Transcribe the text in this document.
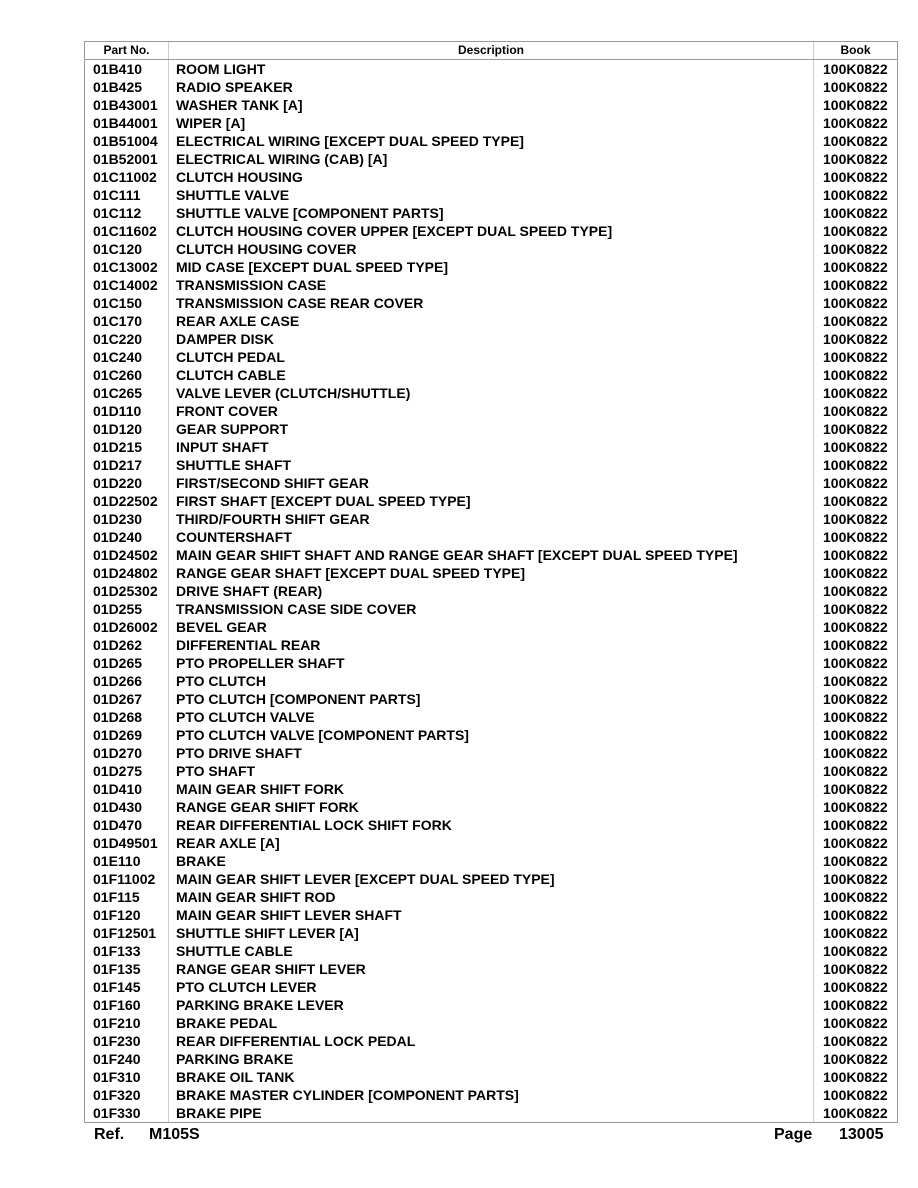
Part No.	Description	Book
01B410	ROOM LIGHT	100K0822
01B425	RADIO SPEAKER	100K0822
01B43001	WASHER TANK [A]	100K0822
01B44001	WIPER [A]	100K0822
01B51004	ELECTRICAL WIRING [EXCEPT DUAL SPEED TYPE]	100K0822
01B52001	ELECTRICAL WIRING (CAB) [A]	100K0822
01C11002	CLUTCH HOUSING	100K0822
01C111	SHUTTLE VALVE	100K0822
01C112	SHUTTLE VALVE [COMPONENT PARTS]	100K0822
01C11602	CLUTCH HOUSING COVER UPPER [EXCEPT DUAL SPEED TYPE]	100K0822
01C120	CLUTCH HOUSING COVER	100K0822
01C13002	MID CASE [EXCEPT DUAL SPEED TYPE]	100K0822
01C14002	TRANSMISSION CASE	100K0822
01C150	TRANSMISSION CASE REAR COVER	100K0822
01C170	REAR AXLE CASE	100K0822
01C220	DAMPER DISK	100K0822
01C240	CLUTCH PEDAL	100K0822
01C260	CLUTCH CABLE	100K0822
01C265	VALVE LEVER (CLUTCH/SHUTTLE)	100K0822
01D110	FRONT COVER	100K0822
01D120	GEAR SUPPORT	100K0822
01D215	INPUT SHAFT	100K0822
01D217	SHUTTLE SHAFT	100K0822
01D220	FIRST/SECOND SHIFT GEAR	100K0822
01D22502	FIRST SHAFT [EXCEPT DUAL SPEED TYPE]	100K0822
01D230	THIRD/FOURTH SHIFT GEAR	100K0822
01D240	COUNTERSHAFT	100K0822
01D24502	MAIN GEAR SHIFT SHAFT AND RANGE GEAR SHAFT [EXCEPT DUAL SPEED TYPE]	100K0822
01D24802	RANGE GEAR SHAFT [EXCEPT DUAL SPEED TYPE]	100K0822
01D25302	DRIVE SHAFT (REAR)	100K0822
01D255	TRANSMISSION CASE SIDE COVER	100K0822
01D26002	BEVEL GEAR	100K0822
01D262	DIFFERENTIAL REAR	100K0822
01D265	PTO PROPELLER SHAFT	100K0822
01D266	PTO CLUTCH	100K0822
01D267	PTO CLUTCH [COMPONENT PARTS]	100K0822
01D268	PTO CLUTCH VALVE	100K0822
01D269	PTO CLUTCH VALVE [COMPONENT PARTS]	100K0822
01D270	PTO DRIVE SHAFT	100K0822
01D275	PTO SHAFT	100K0822
01D410	MAIN GEAR SHIFT FORK	100K0822
01D430	RANGE GEAR SHIFT FORK	100K0822
01D470	REAR DIFFERENTIAL LOCK SHIFT FORK	100K0822
01D49501	REAR AXLE [A]	100K0822
01E110	BRAKE	100K0822
01F11002	MAIN GEAR SHIFT LEVER [EXCEPT DUAL SPEED TYPE]	100K0822
01F115	MAIN GEAR SHIFT ROD	100K0822
01F120	MAIN GEAR SHIFT LEVER SHAFT	100K0822
01F12501	SHUTTLE SHIFT LEVER [A]	100K0822
01F133	SHUTTLE CABLE	100K0822
01F135	RANGE GEAR SHIFT LEVER	100K0822
01F145	PTO CLUTCH LEVER	100K0822
01F160	PARKING BRAKE LEVER	100K0822
01F210	BRAKE PEDAL	100K0822
01F230	REAR DIFFERENTIAL LOCK PEDAL	100K0822
01F240	PARKING BRAKE	100K0822
01F310	BRAKE OIL TANK	100K0822
01F320	BRAKE MASTER CYLINDER [COMPONENT PARTS]	100K0822
01F330	BRAKE PIPE	100K0822
Ref. M105S	Page 13005
